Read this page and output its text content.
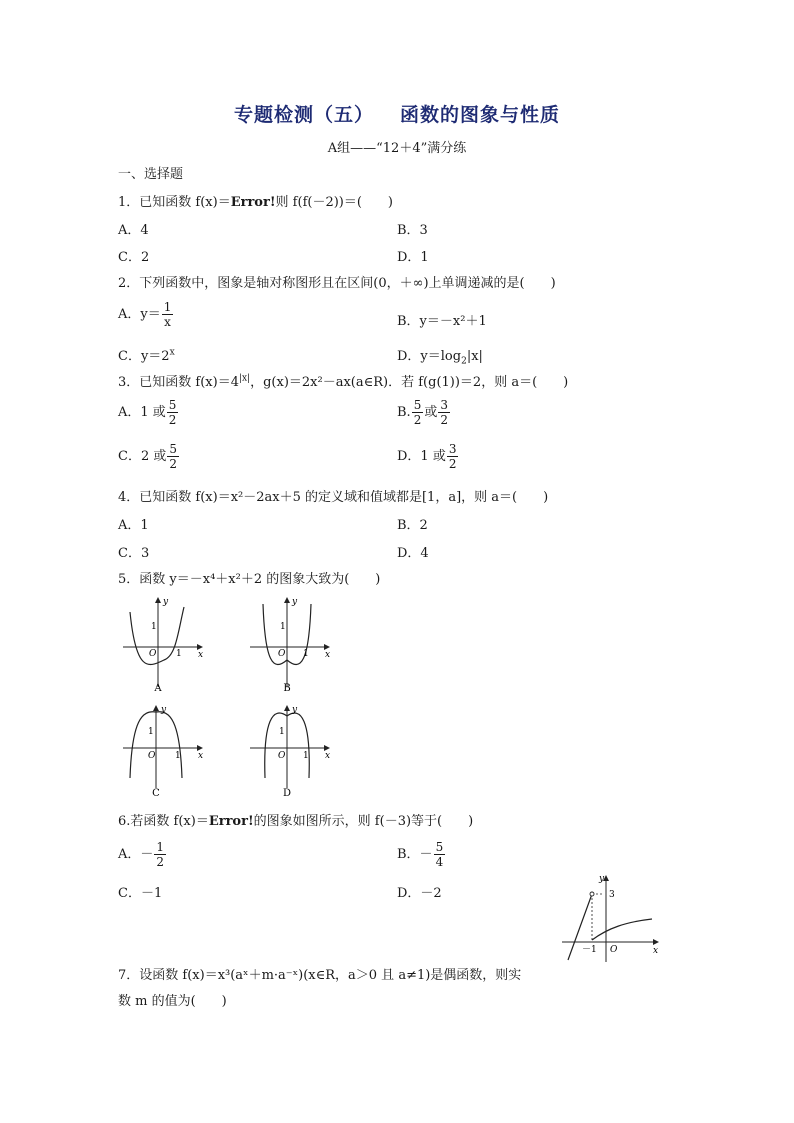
专题检测（五） 函数的图象与性质
A组——“12＋4”满分练
一、选择题
1．已知函数 f(x)＝Error!则 f(f(－2))＝(　　)
A．4	B．3
C．2	D．1
2．下列函数中，图象是轴对称图形且在区间(0，＋∞)上单调递减的是(　　)
A．$y= \frac{1}{x}$	B．y＝－x²＋1
C．$y=2^x$	D．$y=\log_2|x|$
3．已知函数 $f(x)=4^{|x|}$，g(x)＝2x²－ax(a∈R)．若 f(g(1))＝2，则 a＝(　　)
A．1 或 $\frac{5}{2}$	B. $\frac{5}{2}$ 或 $\frac{3}{2}$
C．2 或 $\frac{5}{2}$	D．1 或 $\frac{3}{2}$
4．已知函数 f(x)＝x²－2ax＋5 的定义域和值域都是[1，a]，则 a＝(　　)
A．1	B．2
C．3	D．4
5．函数 y＝－x⁴＋x²＋2 的图象大致为(　　)
y
x
O
1
1
A
y
x
O
1
1
B
y
x
O
1
1
C
y
x
O
1
1
D
6.若函数 f(x)＝Error!的图象如图所示，则 f(－3)等于(　　)
A．－ $\frac{1}{2}$	B．－ $\frac{5}{4}$
C．－1	D．－2
y
x
O
3
－1
7．设函数 f(x)＝x³(aˣ＋m·a⁻ˣ)(x∈R，a＞0 且 a≠1)是偶函数，则实
数 m 的值为(　　)
